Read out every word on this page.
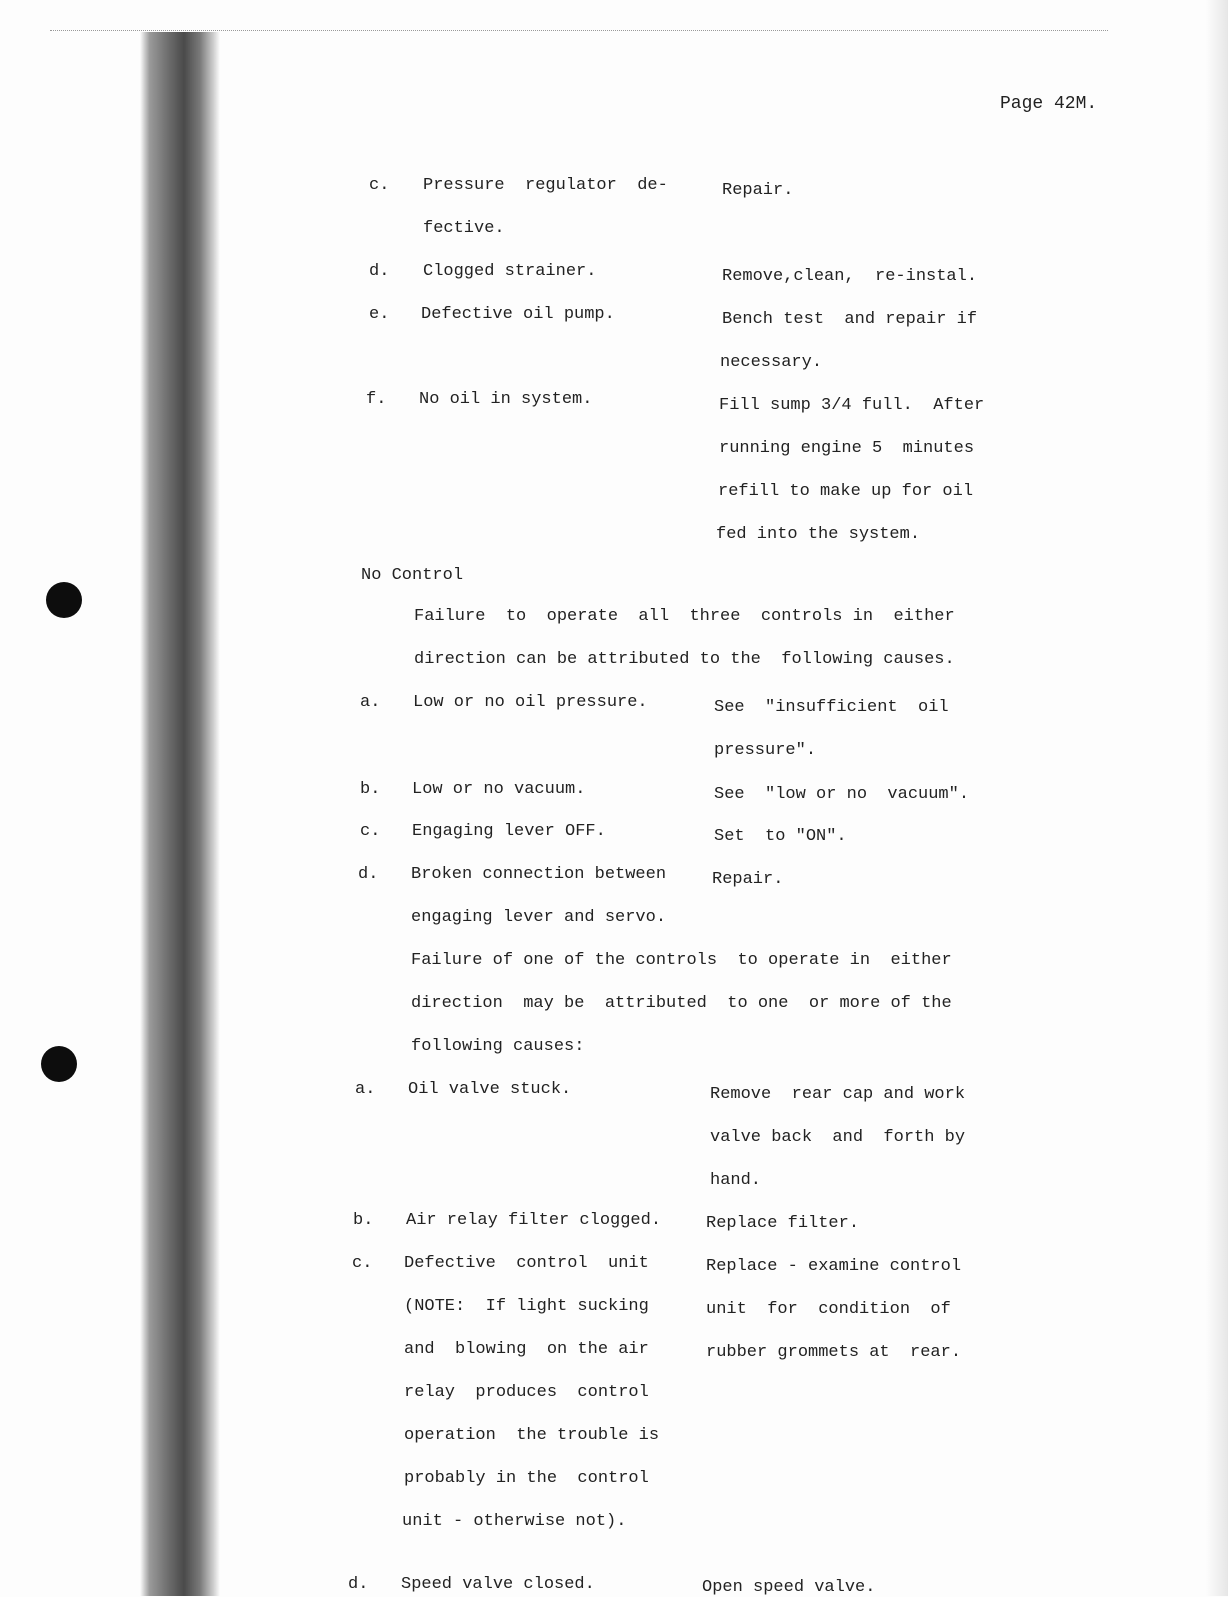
Page 42M.
No Control
c. Pressure  regulator  de-	Repair.
fective.
d. Clogged strainer.	Remove,clean,  re-instal.
e. Defective oil pump.	Bench test  and repair if
necessary.
f. No oil in system.	Fill sump 3/4 full.  After
running engine 5  minutes
refill to make up for oil
fed into the system.
Failure  to  operate  all  three  controls in  either
direction can be attributed to the  following causes.
a. Low or no oil pressure.	See  "insufficient  oil
pressure".
b. Low or no vacuum.	See  "low or no  vacuum".
c. Engaging lever OFF.	Set  to "ON".
d. Broken connection between	Repair.
engaging lever and servo.
Failure of one of the controls  to operate in  either
direction  may be  attributed  to one  or more of the
following causes:
a. Oil valve stuck.	Remove  rear cap and work
valve back  and  forth by
hand.
b. Air relay filter clogged.	Replace filter.
c. Defective  control  unit	Replace - examine control
(NOTE:  If light sucking	unit  for  condition  of
and  blowing  on the air	rubber grommets at  rear.
relay  produces  control
operation  the trouble is
probably in the  control
unit - otherwise not).
d. Speed valve closed.	Open speed valve.
